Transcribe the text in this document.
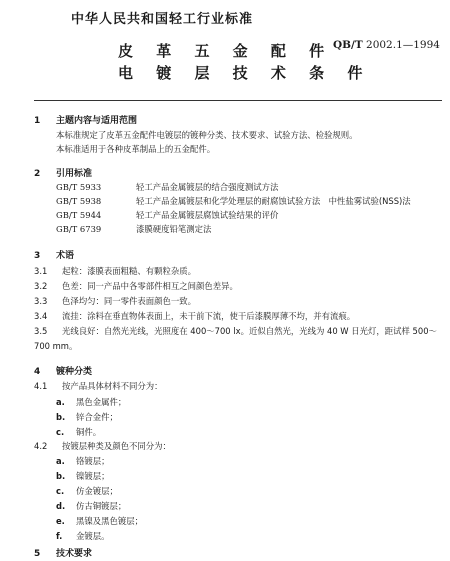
中华人民共和国轻工行业标准
皮 革 五 金 配 件
电 镀 层 技 术 条 件
QB/T 2002.1—1994
1 主题内容与适用范围
本标准规定了皮革五金配件电镀层的镀种分类、技术要求、试验方法、检验规则。
本标准适用于各种皮革制品上的五金配件。
2 引用标准
GB/T 5933	轻工产品金属镀层的结合强度测试方法
GB/T 5938	轻工产品金属镀层和化学处理层的耐腐蚀试验方法　中性盐雾试验(NSS)法
GB/T 5944	轻工产品金属镀层腐蚀试验结果的评价
GB/T 6739	漆膜硬度铅笔测定法
3 术语
3.1 起粒：漆膜表面粗糙、有颗粒杂质。
3.2 色差：同一产品中各零部件相互之间颜色差异。
3.3 色泽均匀：同一零件表面颜色一致。
3.4 流挂：涂料在垂直物体表面上，未干前下流，使干后漆膜厚薄不均，并有流痕。
3.5 光线良好：自然光光线，光照度在 400～700 lx。近似自然光，光线为 40 W 日光灯，距试样 500～
700 mm。
4 镀种分类
4.1 按产品具体材料不同分为：
a. 黑色金属件；
b. 锌合金件；
c. 铜件。
4.2 按镀层种类及颜色不同分为：
a. 铬镀层；
b. 镍镀层；
c. 仿金镀层；
d. 仿古铜镀层；
e. 黑镍及黑色镀层；
f. 金镀层。
5 技术要求
